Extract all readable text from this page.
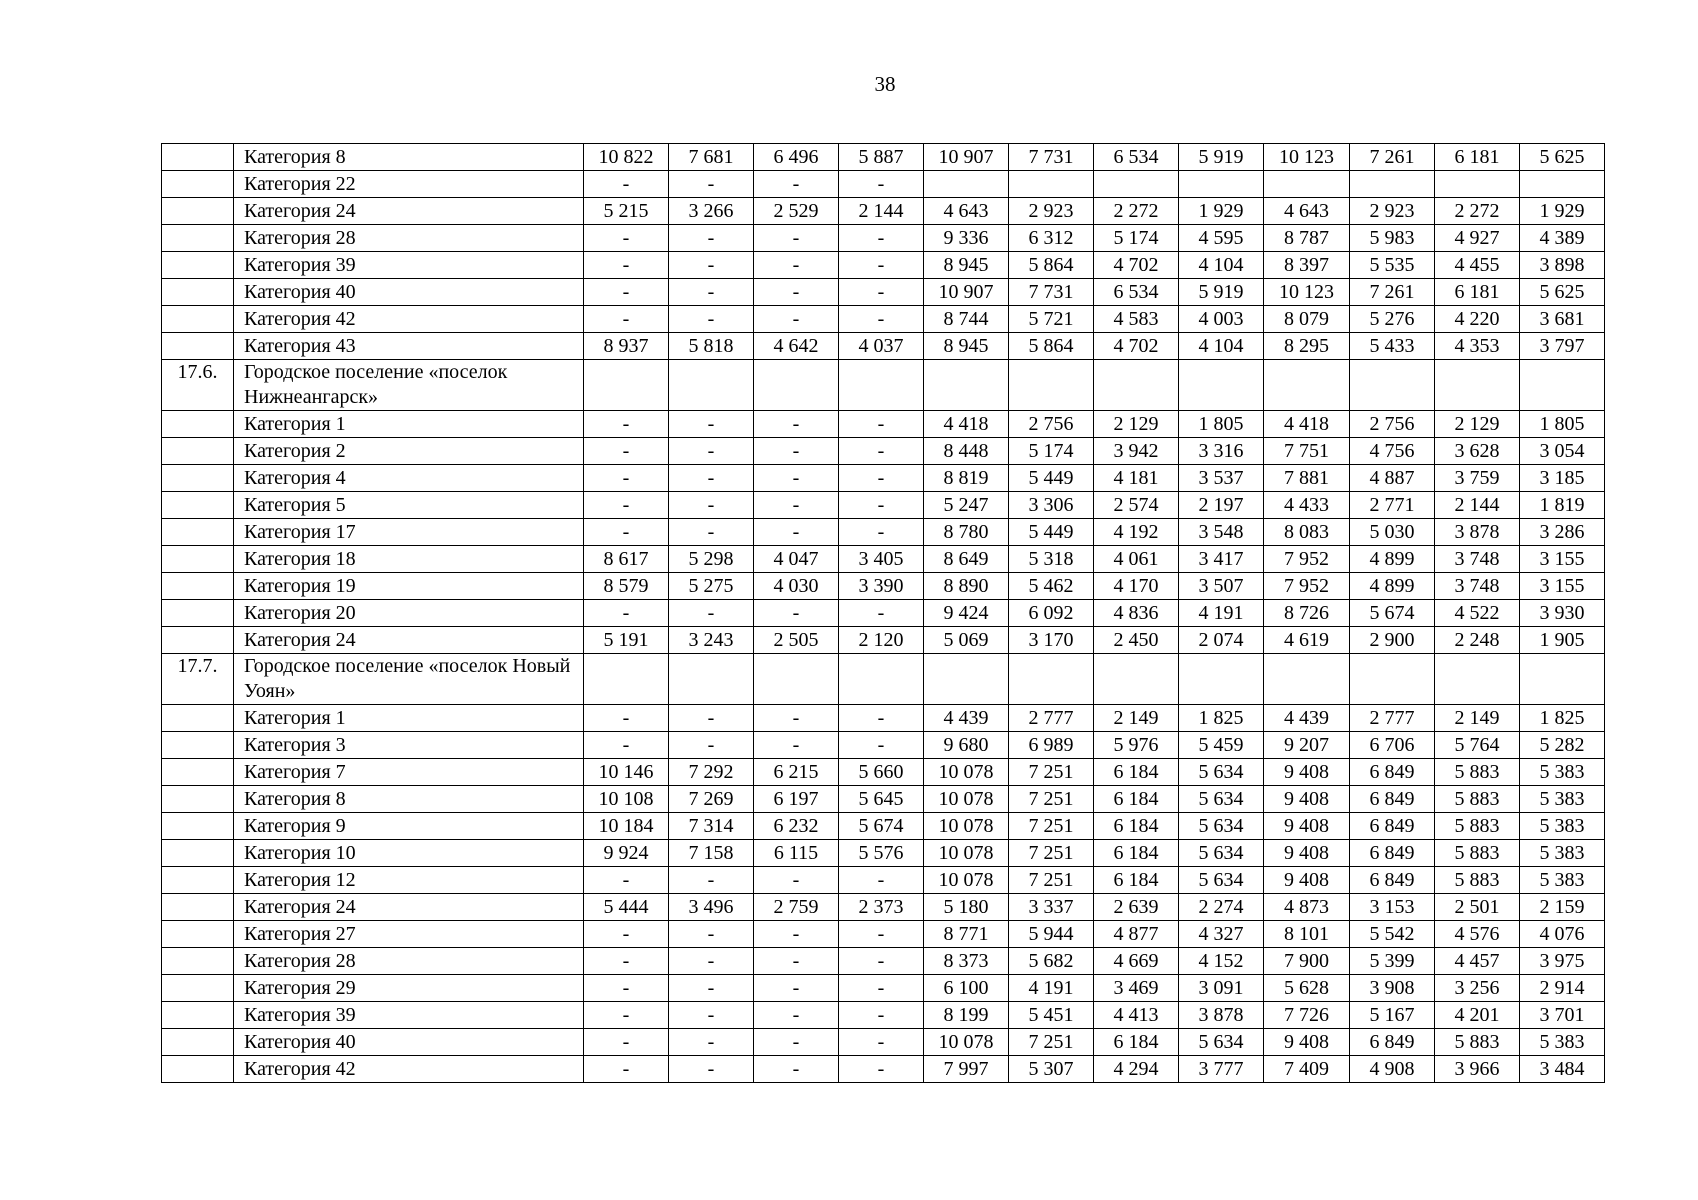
38
	Категория 8	10 822	7 681	6 496	5 887	10 907	7 731	6 534	5 919	10 123	7 261	6 181	5 625
	Категория 22	-	-	-	-								
	Категория 24	5 215	3 266	2 529	2 144	4 643	2 923	2 272	1 929	4 643	2 923	2 272	1 929
	Категория 28	-	-	-	-	9 336	6 312	5 174	4 595	8 787	5 983	4 927	4 389
	Категория 39	-	-	-	-	8 945	5 864	4 702	4 104	8 397	5 535	4 455	3 898
	Категория 40	-	-	-	-	10 907	7 731	6 534	5 919	10 123	7 261	6 181	5 625
	Категория 42	-	-	-	-	8 744	5 721	4 583	4 003	8 079	5 276	4 220	3 681
	Категория 43	8 937	5 818	4 642	4 037	8 945	5 864	4 702	4 104	8 295	5 433	4 353	3 797
17.6.	Городское поселение «поселок Нижнеангарск»												
	Категория 1	-	-	-	-	4 418	2 756	2 129	1 805	4 418	2 756	2 129	1 805
	Категория 2	-	-	-	-	8 448	5 174	3 942	3 316	7 751	4 756	3 628	3 054
	Категория 4	-	-	-	-	8 819	5 449	4 181	3 537	7 881	4 887	3 759	3 185
	Категория 5	-	-	-	-	5 247	3 306	2 574	2 197	4 433	2 771	2 144	1 819
	Категория 17	-	-	-	-	8 780	5 449	4 192	3 548	8 083	5 030	3 878	3 286
	Категория 18	8 617	5 298	4 047	3 405	8 649	5 318	4 061	3 417	7 952	4 899	3 748	3 155
	Категория 19	8 579	5 275	4 030	3 390	8 890	5 462	4 170	3 507	7 952	4 899	3 748	3 155
	Категория 20	-	-	-	-	9 424	6 092	4 836	4 191	8 726	5 674	4 522	3 930
	Категория 24	5 191	3 243	2 505	2 120	5 069	3 170	2 450	2 074	4 619	2 900	2 248	1 905
17.7.	Городское поселение «поселок Новый Уоян»												
	Категория 1	-	-	-	-	4 439	2 777	2 149	1 825	4 439	2 777	2 149	1 825
	Категория 3	-	-	-	-	9 680	6 989	5 976	5 459	9 207	6 706	5 764	5 282
	Категория 7	10 146	7 292	6 215	5 660	10 078	7 251	6 184	5 634	9 408	6 849	5 883	5 383
	Категория 8	10 108	7 269	6 197	5 645	10 078	7 251	6 184	5 634	9 408	6 849	5 883	5 383
	Категория 9	10 184	7 314	6 232	5 674	10 078	7 251	6 184	5 634	9 408	6 849	5 883	5 383
	Категория 10	9 924	7 158	6 115	5 576	10 078	7 251	6 184	5 634	9 408	6 849	5 883	5 383
	Категория 12	-	-	-	-	10 078	7 251	6 184	5 634	9 408	6 849	5 883	5 383
	Категория 24	5 444	3 496	2 759	2 373	5 180	3 337	2 639	2 274	4 873	3 153	2 501	2 159
	Категория 27	-	-	-	-	8 771	5 944	4 877	4 327	8 101	5 542	4 576	4 076
	Категория 28	-	-	-	-	8 373	5 682	4 669	4 152	7 900	5 399	4 457	3 975
	Категория 29	-	-	-	-	6 100	4 191	3 469	3 091	5 628	3 908	3 256	2 914
	Категория 39	-	-	-	-	8 199	5 451	4 413	3 878	7 726	5 167	4 201	3 701
	Категория 40	-	-	-	-	10 078	7 251	6 184	5 634	9 408	6 849	5 883	5 383
	Категория 42	-	-	-	-	7 997	5 307	4 294	3 777	7 409	4 908	3 966	3 484
